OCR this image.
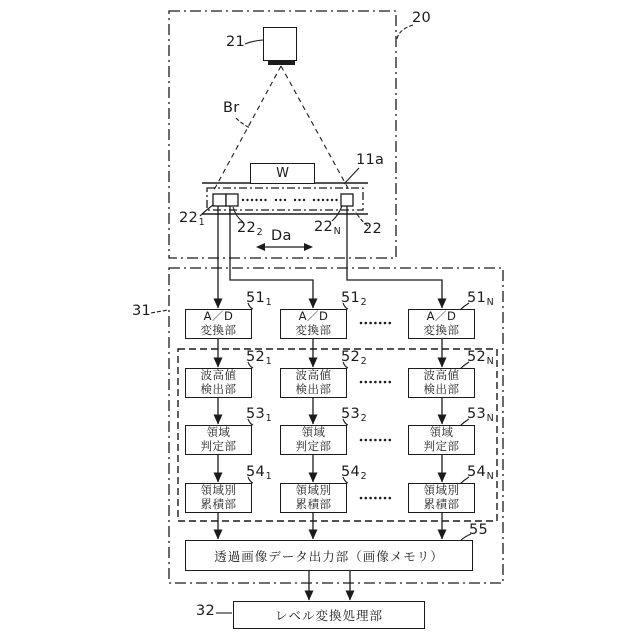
W
A／D
変換部
A／D
変換部
A／D
変換部
波高値
検出部
波高値
検出部
波高値
検出部
領域
判定部
領域
判定部
領域
判定部
領域別
累積部
領域別
累積部
領域別
累積部
透過画像データ出力部（画像メモリ）
レベル変換処理部
20
21
Br
11a
$22_1$ $22_2$	$22_N$ 22
Da
31
$51_1$	$51_2$	$51_N$
$52_1$	$52_2$	$52_N$
$53_1$	$53_2$	$53_N$
$54_1$	$54_2$	$54_N$
55
32
